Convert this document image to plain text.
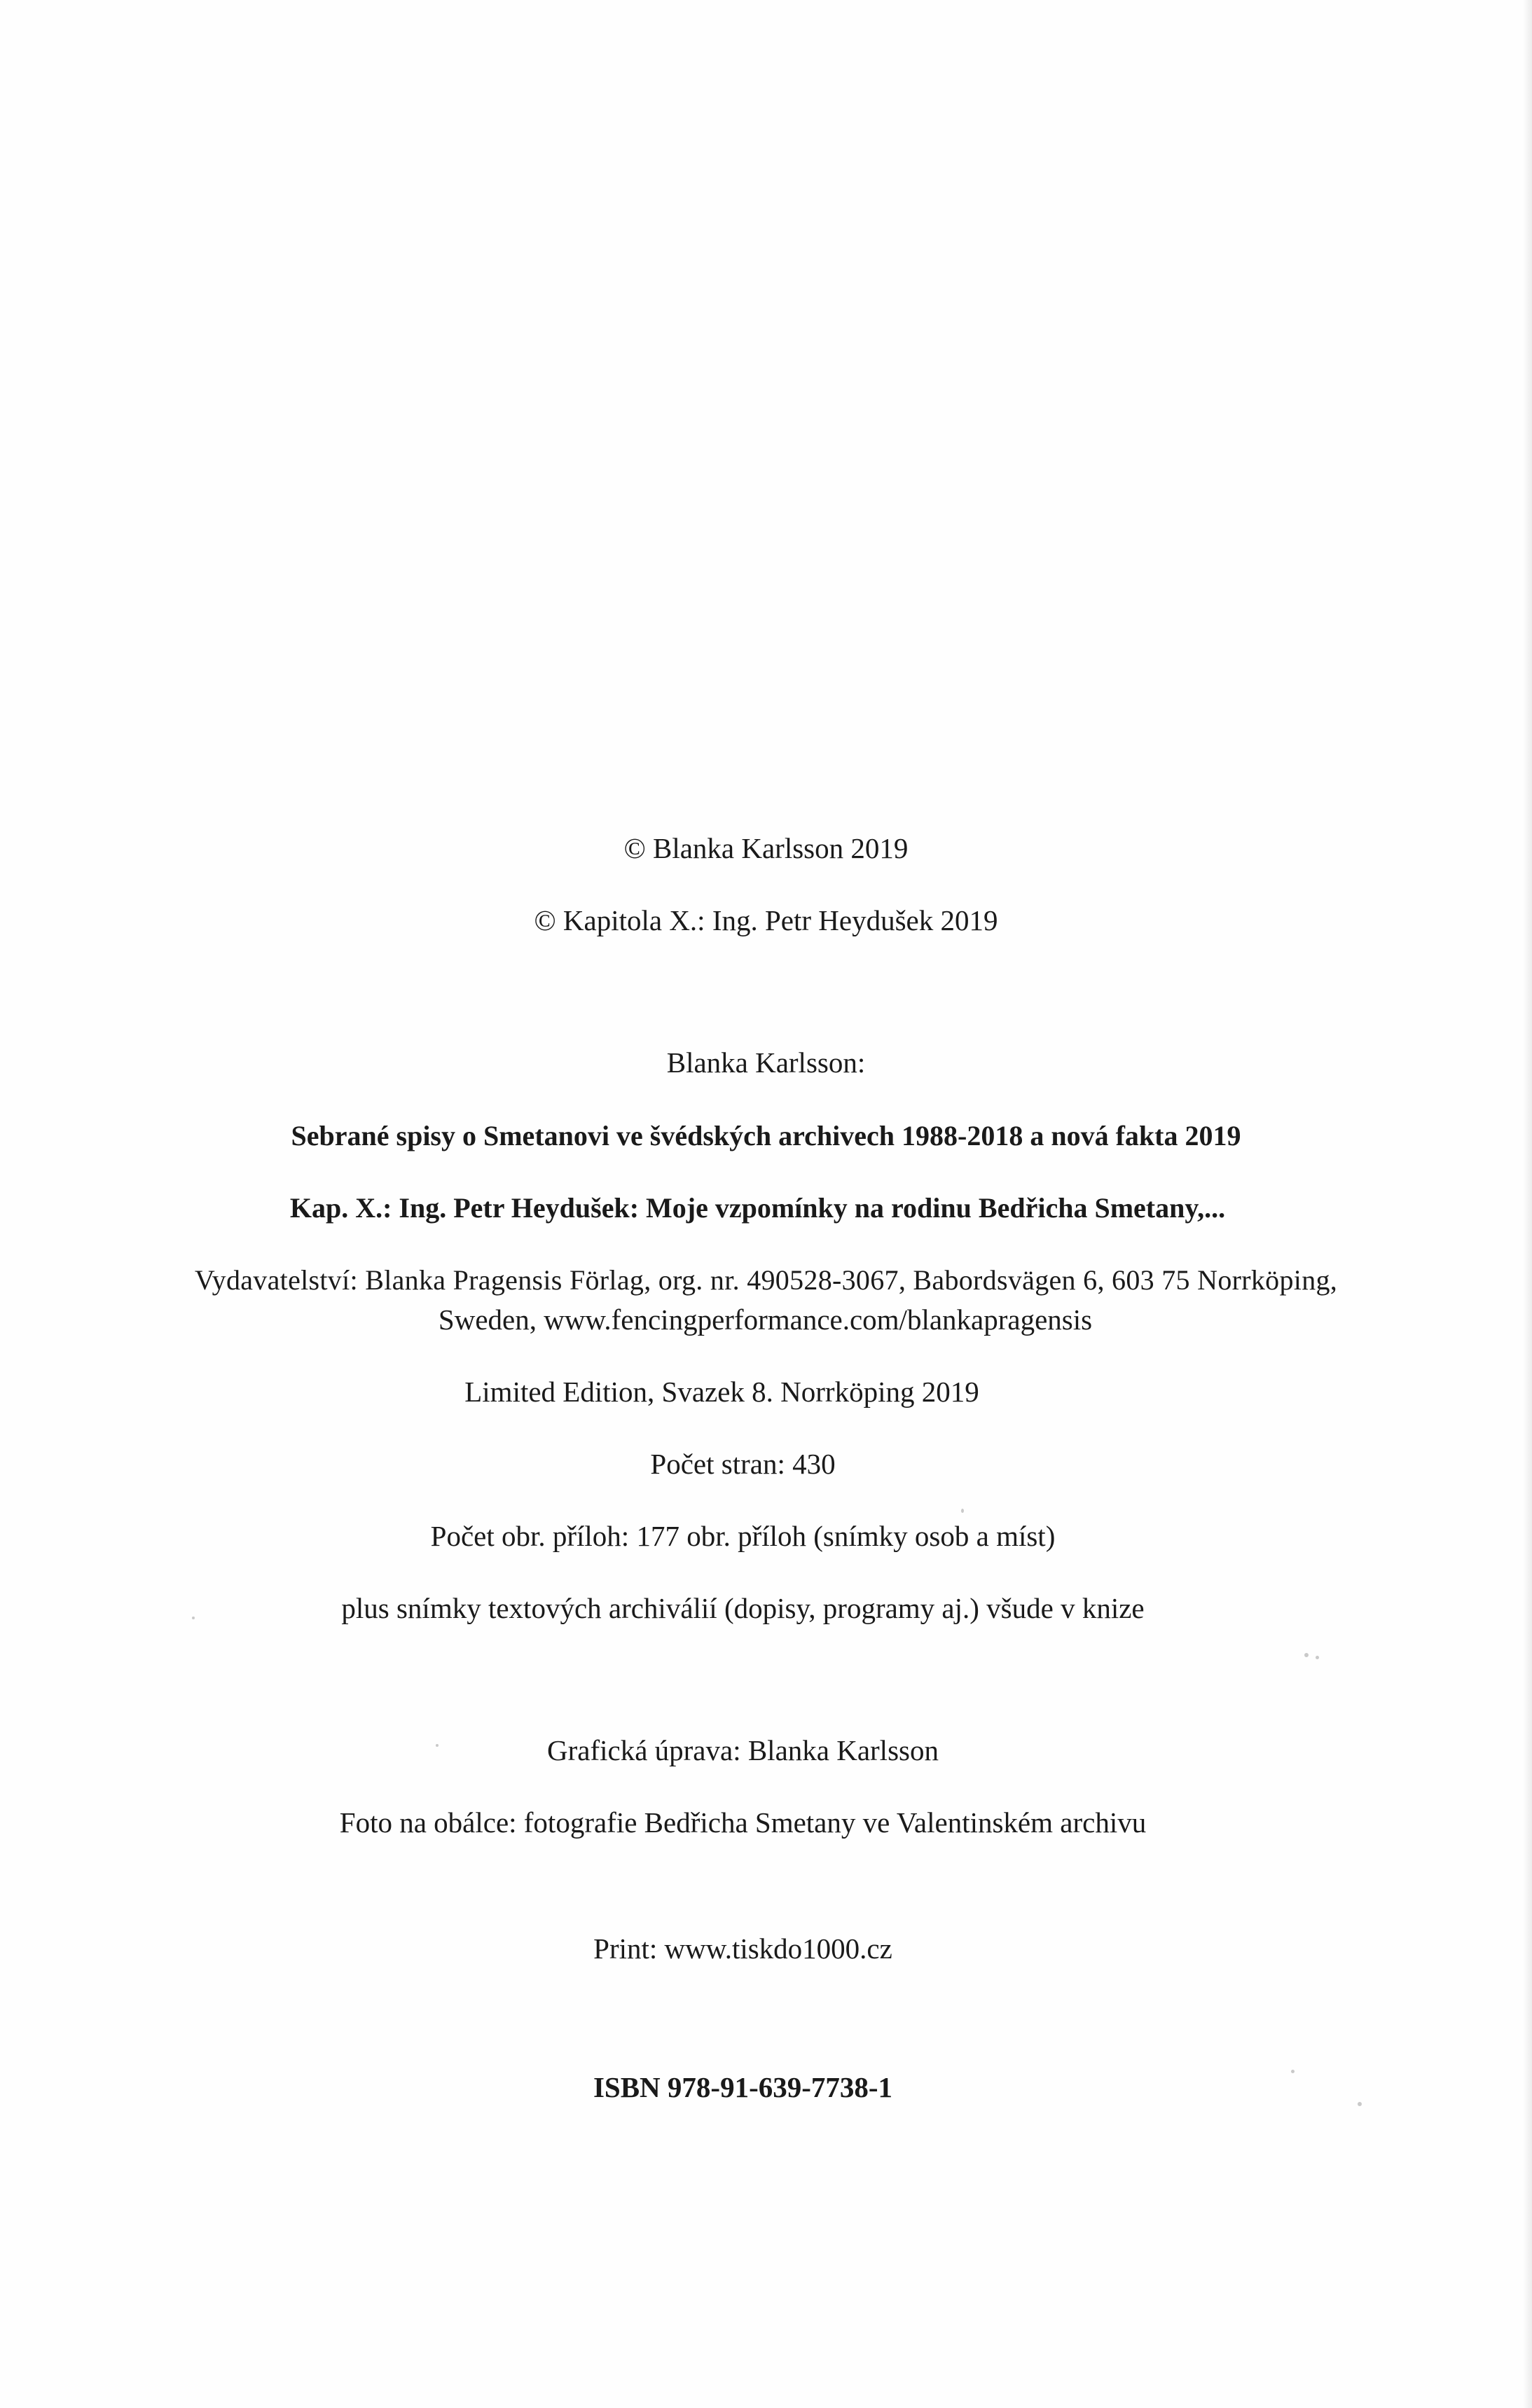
© Blanka Karlsson 2019
© Kapitola X.: Ing. Petr Heydušek 2019
Blanka Karlsson:
Sebrané spisy o Smetanovi ve švédských archivech 1988-2018 a nová fakta 2019
Kap. X.: Ing. Petr Heydušek: Moje vzpomínky na rodinu Bedřicha Smetany,...
Vydavatelství: Blanka Pragensis Förlag, org. nr. 490528-3067, Babordsvägen 6, 603 75 Norrköping,
Sweden, www.fencingperformance.com/blankapragensis
Limited Edition, Svazek 8. Norrköping 2019
Počet stran: 430
Počet obr. příloh: 177 obr. příloh (snímky osob a míst)
plus snímky textových archiválií (dopisy, programy aj.) všude v knize
Grafická úprava: Blanka Karlsson
Foto na obálce: fotografie Bedřicha Smetany ve Valentinském archivu
Print: www.tiskdo1000.cz
ISBN 978-91-639-7738-1
